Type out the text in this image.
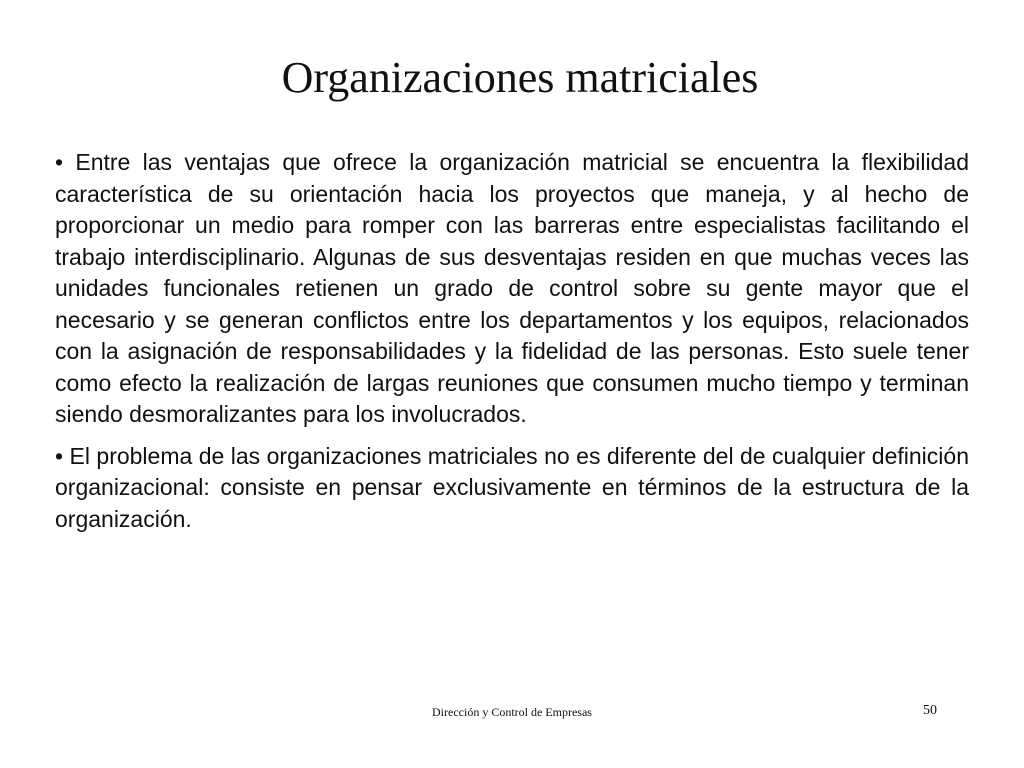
Organizaciones matriciales

• Entre las ventajas que ofrece la organización matricial se encuentra la flexibilidad característica de su orientación hacia los proyectos que maneja, y al hecho de proporcionar un medio para romper con las barreras entre especialistas facilitando el trabajo interdisciplinario. Algunas de sus desventajas residen en que muchas veces las unidades funcionales retienen un grado de control sobre su gente mayor que el necesario y se generan conflictos entre los departamentos y los equipos, relacionados con la asignación de responsabilidades y la fidelidad de las personas. Esto suele tener como efecto la realización de largas reuniones que consumen mucho tiempo y terminan siendo desmoralizantes para los involucrados.

• El problema de las organizaciones matriciales no es diferente del de cualquier definición organizacional: consiste en pensar exclusivamente en términos de la estructura de la organización.

Dirección y Control de Empresas	50
